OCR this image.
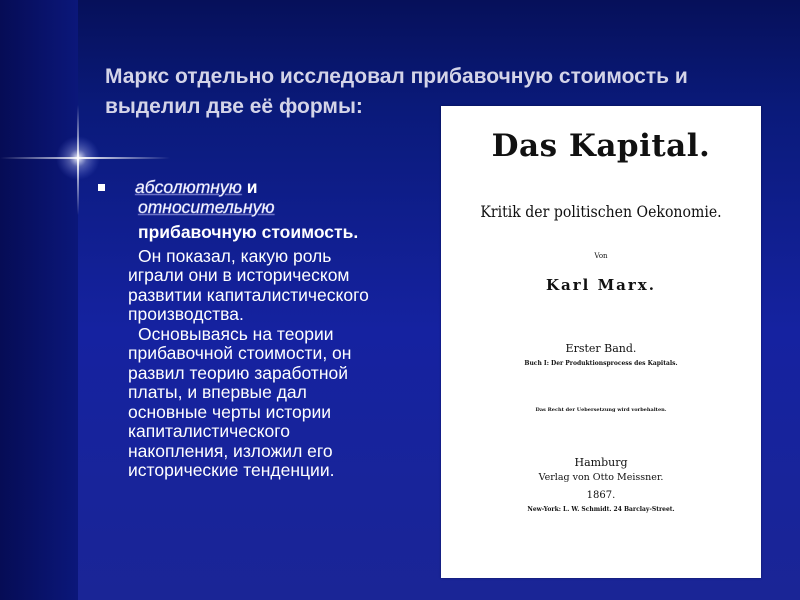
Маркс отдельно исследовал прибавочную стоимость и
выделил две её формы:
абсолютную и
относительную
прибавочную стоимость.
Он показал, какую роль
играли они в историческом
развитии капиталистического
производства.
Основываясь на теории
прибавочной стоимости, он
развил теорию заработной
платы, и впервые дал
основные черты истории
капиталистического
накопления, изложил его
исторические тенденции.
Das Kapital.
Kritik der politischen Oekonomie.
Von
Karl Marx.
Erster Band.
Buch I: Der Produktionsprocess des Kapitals.
Das Recht der Uebersetzung wird vorbehalten.
Hamburg
Verlag von Otto Meissner.
1867.
New-York: L. W. Schmidt. 24 Barclay-Street.
